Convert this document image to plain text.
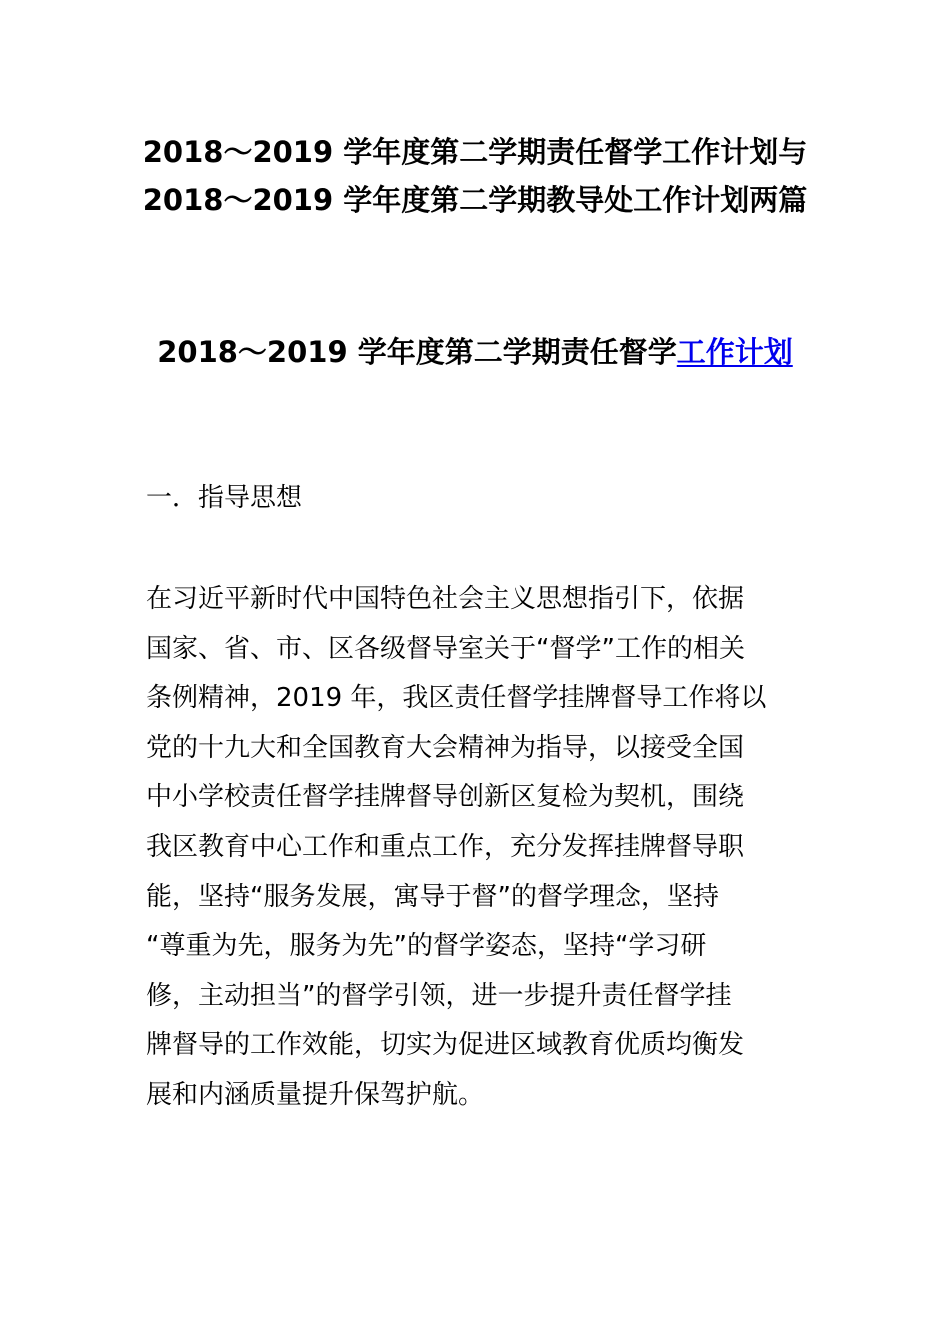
2018～2019 学年度第二学期责任督学工作计划与
2018～2019 学年度第二学期教导处工作计划两篇
2018～2019 学年度第二学期责任督学工作计划
一．指导思想

在习近平新时代中国特色社会主义思想指引下，依据
国家、省、市、区各级督导室关于“督学”工作的相关
条例精神，2019 年，我区责任督学挂牌督导工作将以
党的十九大和全国教育大会精神为指导，以接受全国
中小学校责任督学挂牌督导创新区复检为契机，围绕
我区教育中心工作和重点工作，充分发挥挂牌督导职
能，坚持“服务发展，寓导于督”的督学理念，坚持
“尊重为先，服务为先”的督学姿态，坚持“学习研
修，主动担当”的督学引领，进一步提升责任督学挂
牌督导的工作效能，切实为促进区域教育优质均衡发
展和内涵质量提升保驾护航。
